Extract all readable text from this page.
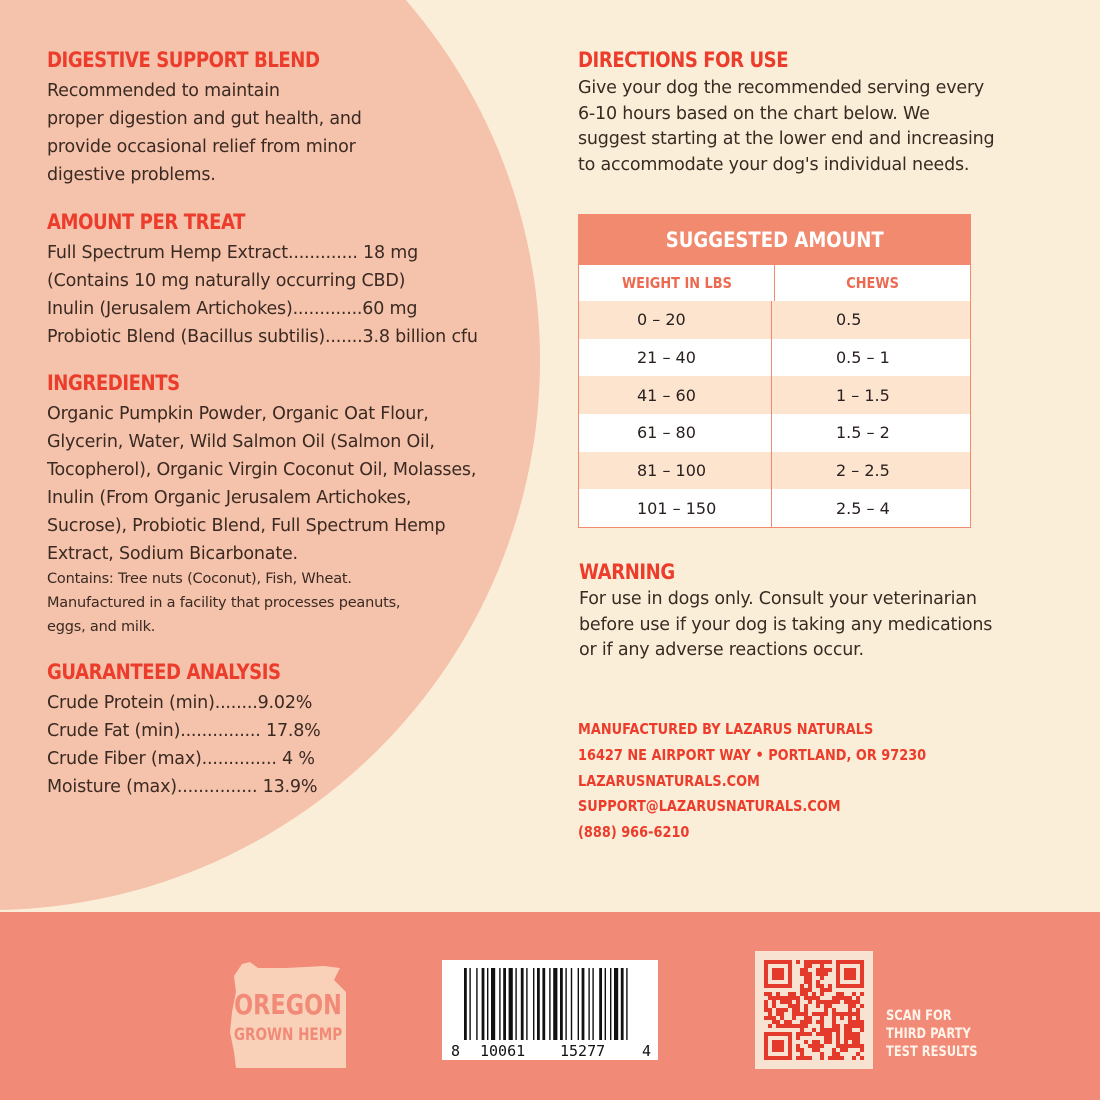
DIGESTIVE SUPPORT BLEND
Recommended to maintain
proper digestion and gut health, and
provide occasional relief from minor
digestive problems.
AMOUNT PER TREAT
Full Spectrum Hemp Extract............. 18 mg
(Contains 10 mg naturally occurring CBD)
Inulin (Jerusalem Artichokes).............60 mg
Probiotic Blend (Bacillus subtilis).......3.8 billion cfu
INGREDIENTS
Organic Pumpkin Powder, Organic Oat Flour,
Glycerin, Water, Wild Salmon Oil (Salmon Oil,
Tocopherol), Organic Virgin Coconut Oil, Molasses,
Inulin (From Organic Jerusalem Artichokes,
Sucrose), Probiotic Blend, Full Spectrum Hemp
Extract, Sodium Bicarbonate.
Contains: Tree nuts (Coconut), Fish, Wheat.
Manufactured in a facility that processes peanuts,
eggs, and milk.
GUARANTEED ANALYSIS
Crude Protein (min)........9.02%
Crude Fat (min)............... 17.8%
Crude Fiber (max).............. 4 %
Moisture (max)............... 13.9%
DIRECTIONS FOR USE
Give your dog the recommended serving every
6-10 hours based on the chart below. We
suggest starting at the lower end and increasing
to accommodate your dog's individual needs.
SUGGESTED AMOUNT
WEIGHT IN LBS	CHEWS
0 – 20	0.5
21 – 40	0.5 – 1
41 – 60	1 – 1.5
61 – 80	1.5 – 2
81 – 100	2 – 2.5
101 – 150	2.5 – 4
WARNING
For use in dogs only. Consult your veterinarian
before use if your dog is taking any medications
or if any adverse reactions occur.
MANUFACTURED BY LAZARUS NATURALS
16427 NE AIRPORT WAY • PORTLAND, OR 97230
LAZARUSNATURALS.COM
SUPPORT@LAZARUSNATURALS.COM
(888) 966-6210
OREGON
GROWN HEMP
8 10061 15277 4
SCAN FOR
THIRD PARTY
TEST RESULTS
